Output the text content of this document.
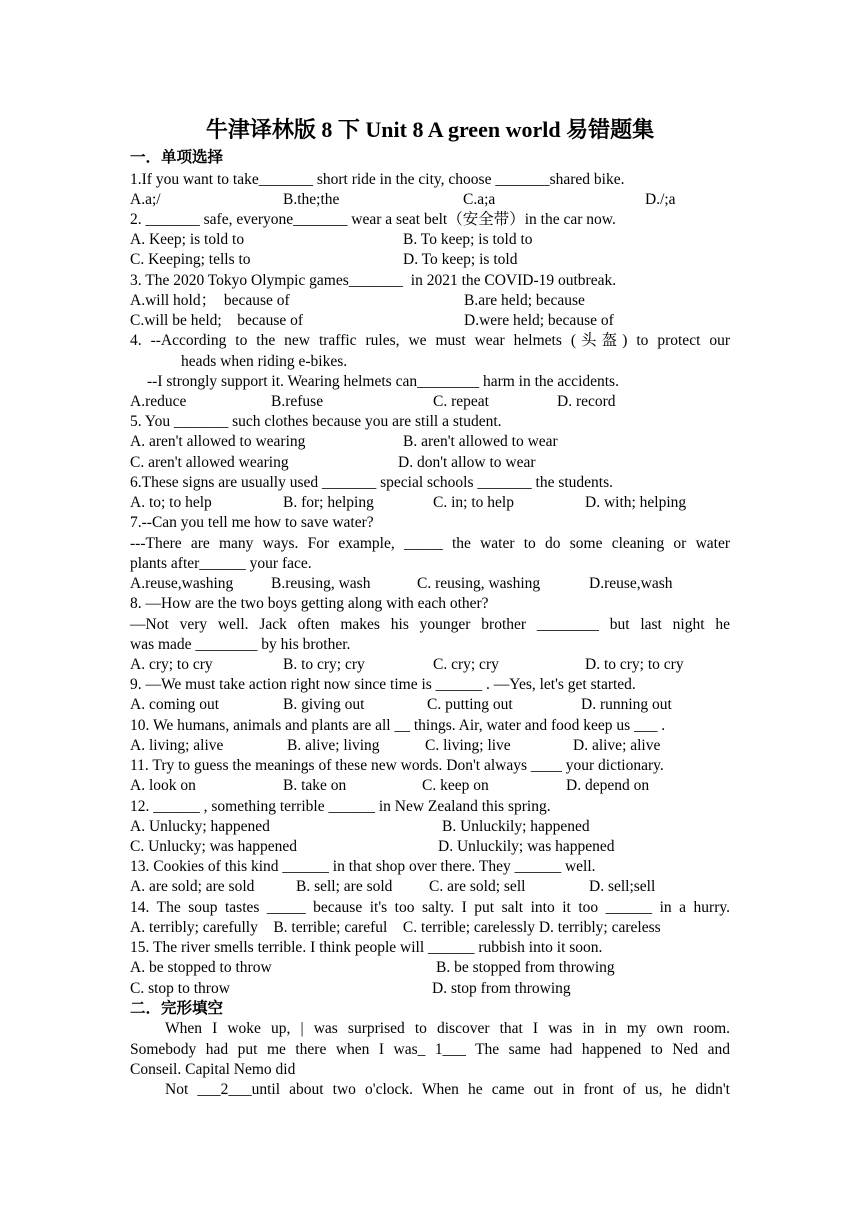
牛津译林版 8 下 Unit 8 A green world 易错题集
一．单项选择
1.If you want to take_______ short ride in the city, choose _______shared bike.
A.a;/	B.the;the	C.a;a	D./;a
2. _______ safe, everyone_______ wear a seat belt（安全带）in the car now.
A. Keep; is told to	B. To keep; is told to
C. Keeping; tells to	D. To keep; is told
3. The 2020 Tokyo Olympic games_______  in 2021 the COVID-19 outbreak.
A.will hold；  because of	B.are held; because
C.will be held;    because of	D.were held; because of
4. --According to the new traffic rules, we must wear helmets (头盔) to protect our
heads when riding e-bikes.
--I strongly support it. Wearing helmets can________ harm in the accidents.
A.reduce	B.refuse	C. repeat	D. record
5. You _______ such clothes because you are still a student.
A. aren't allowed to wearing	B. aren't allowed to wear
C. aren't allowed wearing	D. don't allow to wear
6.These signs are usually used _______ special schools _______ the students.
A. to; to help	B. for; helping	C. in; to help	D. with; helping
7.--Can you tell me how to save water?
---There are many ways. For example, _____ the water to do some cleaning or water
plants after______ your face.
A.reuse,washing B.reusing, wash	C. reusing, washing	D.reuse,wash
8. —How are the two boys getting along with each other?
—Not very well. Jack often makes his younger brother ________ but last night he
was made ________ by his brother.
A. cry; to cry	B. to cry; cry	C. cry; cry	D. to cry; to cry
9. —We must take action right now since time is ______ . —Yes, let's get started.
A. coming out	B. giving out	C. putting out	D. running out
10. We humans, animals and plants are all __ things. Air, water and food keep us ___ .
A. living; alive	B. alive; living	C. living; live	D. alive; alive
11. Try to guess the meanings of these new words. Don't always ____ your dictionary.
A. look on	B. take on	C. keep on	D. depend on
12. ______ , something terrible ______ in New Zealand this spring.
A. Unlucky; happened	B. Unluckily; happened
C. Unlucky; was happened	D. Unluckily; was happened
13. Cookies of this kind ______ in that shop over there. They ______ well.
A. are sold; are sold	B. sell; are sold C. are sold; sell	D. sell;sell
14. The soup tastes _____ because it's too salty. I put salt into it too ______ in a hurry.
A. terribly; carefully    B. terrible; careful    C. terrible; carelessly D. terribly; careless
15. The river smells terrible. I think people will ______ rubbish into it soon.
A. be stopped to throw	B. be stopped from throwing
C. stop to throw	D. stop from throwing
二．完形填空
When I woke up, | was surprised to discover that I was in in my own room.
Somebody had put me there when I was_ 1___ The same had happened to Ned and
Conseil. Capital Nemo did
Not ___2___until about two o'clock. When he came out in front of us, he didn't
